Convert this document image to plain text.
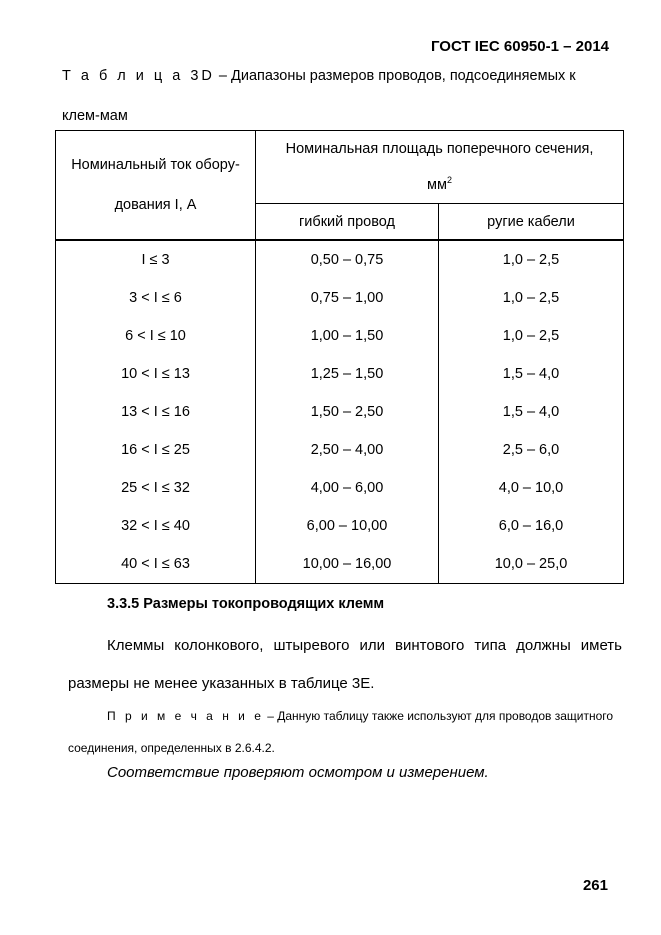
ГОСТ IEC 60950-1 – 2014
Т а б л и ц а 3D – Диапазоны размеров проводов, подсоединяемых к клем-мам
Номинальный ток обору-дования I, А	Номинальная площадь поперечного сечения,
$мм^2$

	гибкий провод	ругие кабели
I ≤ 3	0,50 – 0,75	1,0 – 2,5
3 < I ≤ 6	0,75 – 1,00	1,0 – 2,5
6 < I ≤ 10	1,00 – 1,50	1,0 – 2,5
10 < I ≤ 13	1,25 – 1,50	1,5 – 4,0
13 < I ≤ 16	1,50 – 2,50	1,5 – 4,0
16 < I ≤ 25	2,50 – 4,00	2,5 – 6,0
25 < I ≤ 32	4,00 – 6,00	4,0 – 10,0
32 < I ≤ 40	6,00 – 10,00	6,0 – 16,0
40 < I ≤ 63	10,00 – 16,00	10,0 – 25,0
3.3.5 Размеры токопроводящих клемм
Клеммы колонкового, штыревого или винтового типа должны иметь размеры не менее указанных в таблице 3Е.
П р и м е ч а н и е – Данную таблицу также используют для проводов защитного соединения, определенных в 2.6.4.2.
Соответствие проверяют осмотром и измерением.
261
